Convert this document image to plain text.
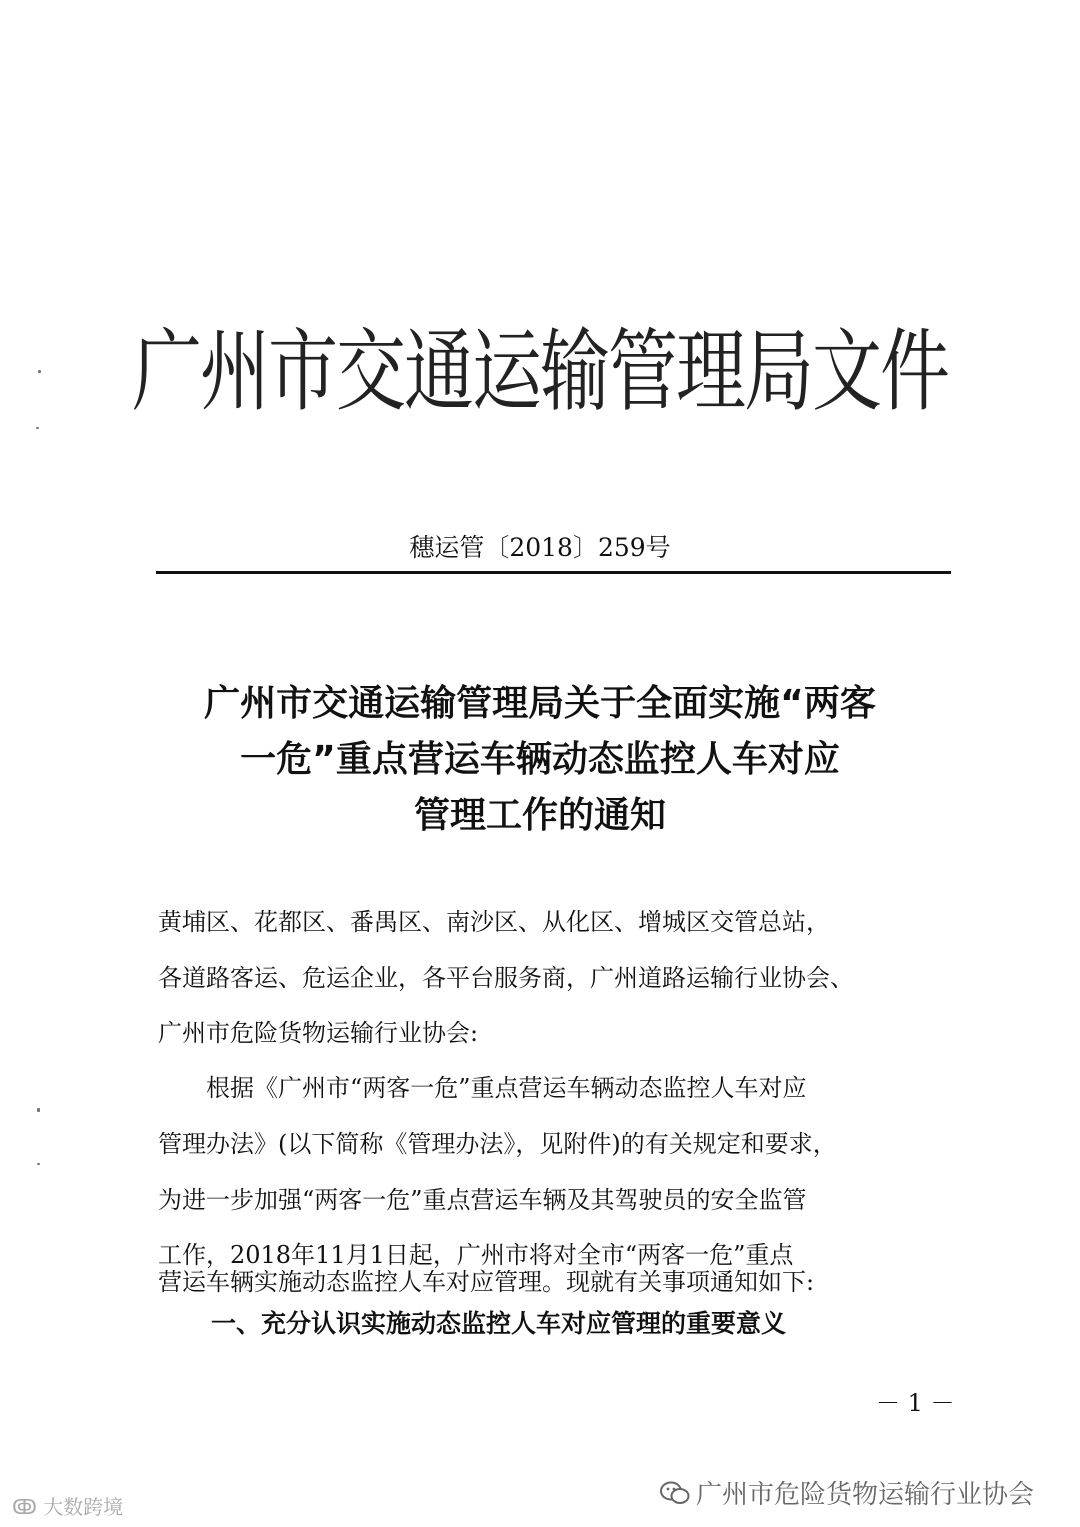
广州市交通运输管理局文件
穗运管〔2018〕259号
广州市交通运输管理局关于全面实施“两客
一危”重点营运车辆动态监控人车对应
管理工作的通知
黄埔区、花都区、番禺区、南沙区、从化区、增城区交管总站，
各道路客运、危运企业，各平台服务商，广州道路运输行业协会、
广州市危险货物运输行业协会:
　　根据《广州市“两客一危”重点营运车辆动态监控人车对应
管理办法》(以下简称《管理办法》，见附件)的有关规定和要求，
为进一步加强“两客一危”重点营运车辆及其驾驶员的安全监管
工作，2018年11月1日起，广州市将对全市“两客一危”重点
营运车辆实施动态监控人车对应管理。现就有关事项通知如下:
一、充分认识实施动态监控人车对应管理的重要意义
－ 1 －
ↂ 大数跨境	广州市危险货物运输行业协会
